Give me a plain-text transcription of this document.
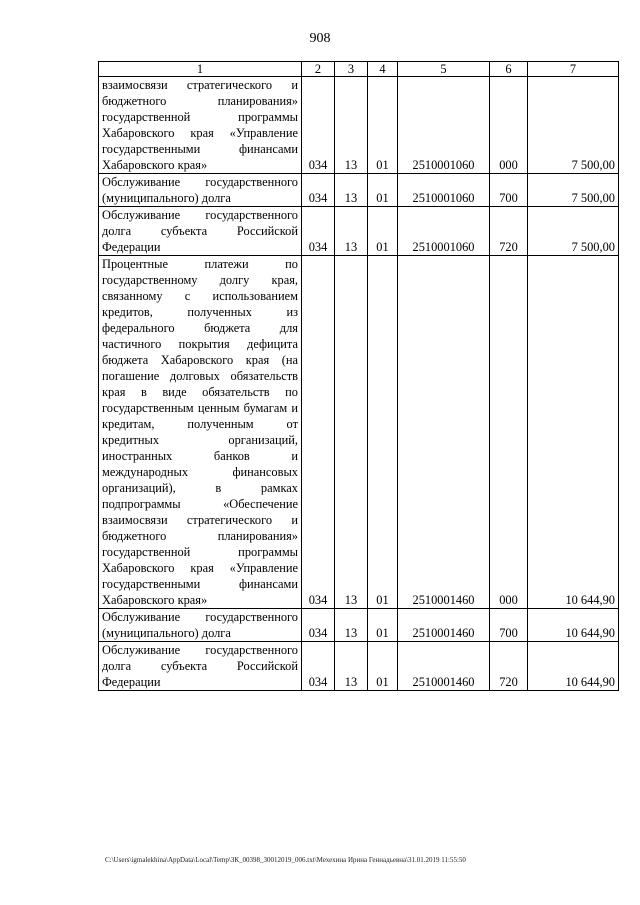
908
1	2	3	4	5	6	7
взаимосвязи стратегического и бюджетного планирования» государственной программы Хабаровского края «Управление государственными финансами Хабаровского края»	034	13	01	2510001060	000	7 500,00
Обслуживание государственного (муниципального) долга	034	13	01	2510001060	700	7 500,00
Обслуживание государственного долга субъекта Российской Федерации	034	13	01	2510001060	720	7 500,00
Процентные платежи по государственному долгу края, связанному с использованием кредитов, полученных из федерального бюджета для частичного покрытия дефицита бюджета Хабаровского края (на погашение долговых обязательств края в виде обязательств по государственным ценным бумагам и кредитам, полученным от кредитных организаций, иностранных банков и международных финансовых организаций), в рамках подпрограммы «Обеспечение взаимосвязи стратегического и бюджетного планирования» государственной программы Хабаровского края «Управление государственными финансами Хабаровского края»	034	13	01	2510001460	000	10 644,90
Обслуживание государственного (муниципального) долга	034	13	01	2510001460	700	10 644,90
Обслуживание государственного долга субъекта Российской Федерации	034	13	01	2510001460	720	10 644,90
C:\Users\igmalekhina\AppData\Local\Temp\ЗК_00398_30012019_006.txt\Мехехина Ирина Геннадьевна\31.01.2019 11:55:50
